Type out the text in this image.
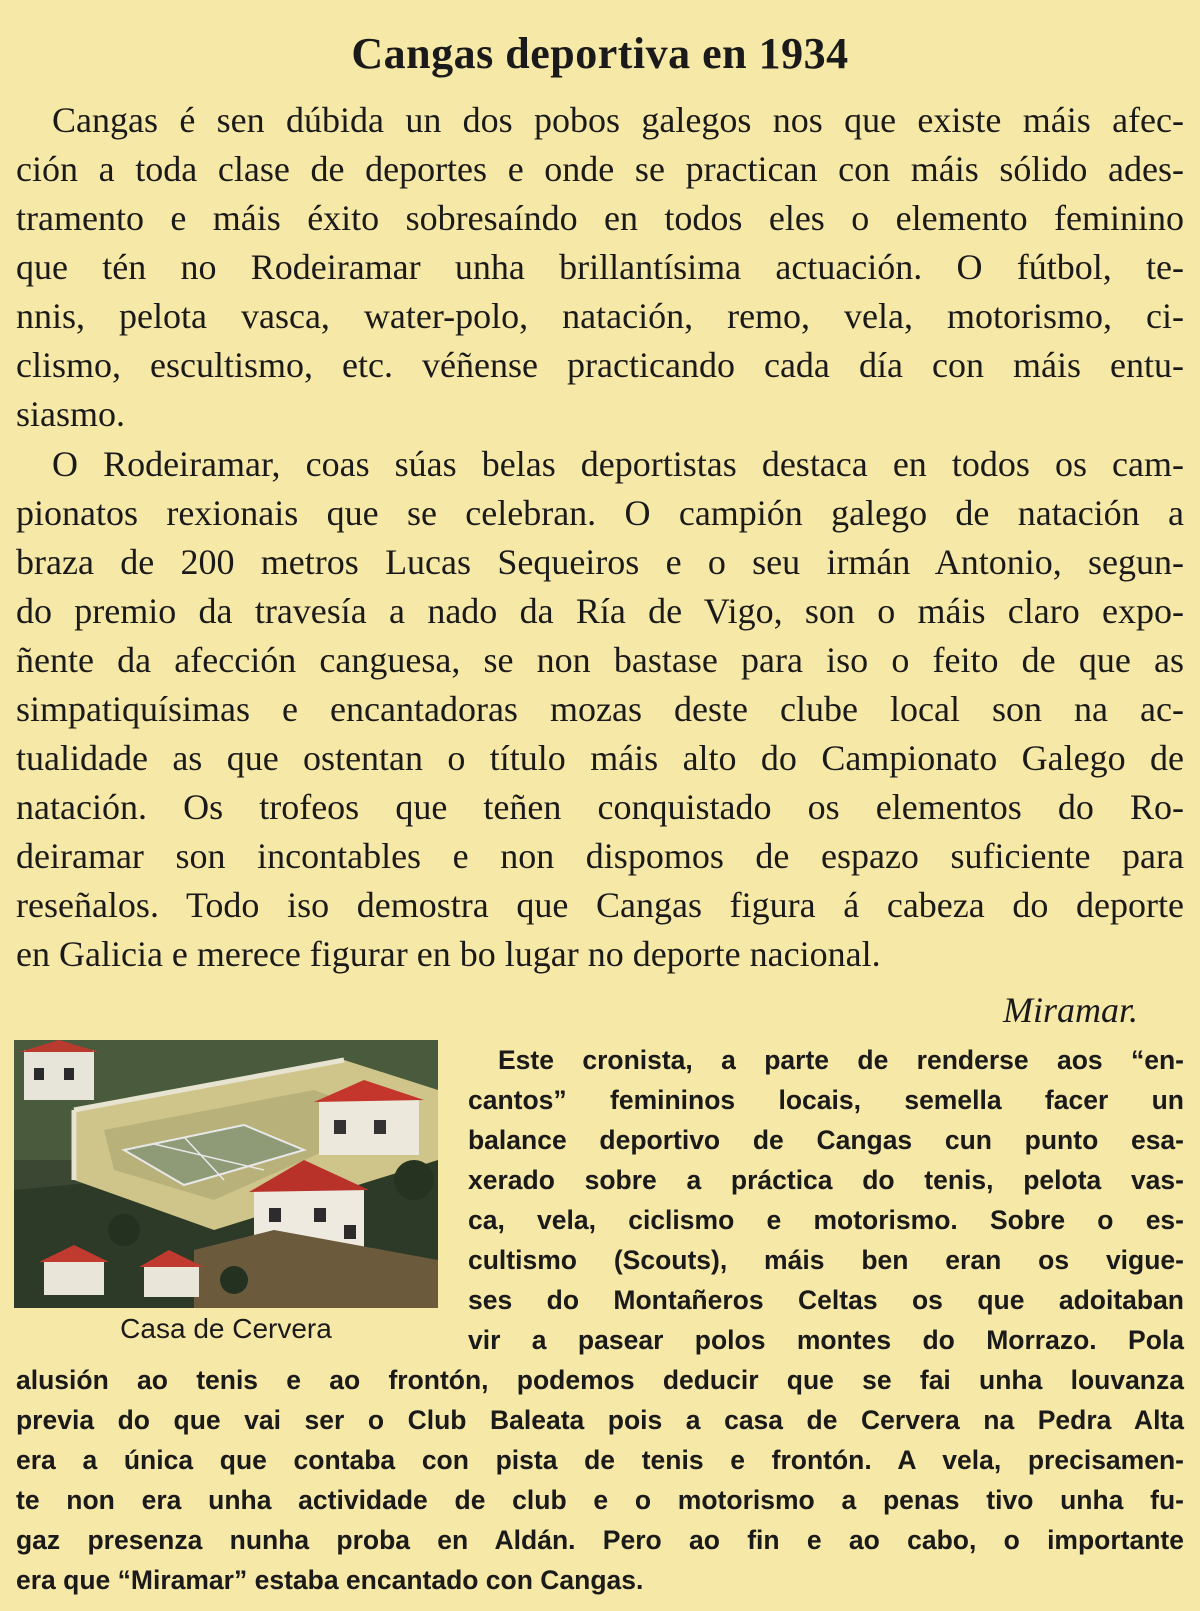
Cangas deportiva en 1934
Cangas é sen dúbida un dos pobos galegos nos que existe máis afec-
ción a toda clase de deportes e onde se practican con máis sólido ades-
tramento e máis éxito sobresaíndo en todos eles o elemento feminino
que tén no Rodeiramar unha brillantísima actuación. O fútbol, te-
nnis, pelota vasca, water-polo, natación, remo, vela, motorismo, ci-
clismo, escultismo, etc. véñense practicando cada día con máis entu-
siasmo.
O Rodeiramar, coas súas belas deportistas destaca en todos os cam-
pionatos rexionais que se celebran. O campión galego de natación a
braza de 200 metros Lucas Sequeiros e o seu irmán Antonio, segun-
do premio da travesía a nado da Ría de Vigo, son o máis claro expo-
ñente da afección canguesa, se non bastase para iso o feito de que as
simpatiquísimas e encantadoras mozas deste clube local son na ac-
tualidade as que ostentan o título máis alto do Campionato Galego de
natación. Os trofeos que teñen conquistado os elementos do Ro-
deiramar son incontables e non dispomos de espazo suficiente para
reseñalos. Todo iso demostra que Cangas figura á cabeza do deporte
en Galicia e merece figurar en bo lugar no deporte nacional.
Miramar.
Casa de Cervera
Este cronista, a parte de renderse aos “en-
cantos” femininos locais, semella facer un
balance deportivo de Cangas cun punto esa-
xerado sobre a práctica do tenis, pelota vas-
ca, vela, ciclismo e motorismo. Sobre o es-
cultismo (Scouts), máis ben eran os vigue-
ses do Montañeros Celtas os que adoitaban
vir a pasear polos montes do Morrazo. Pola
alusión ao tenis e ao frontón, podemos deducir que se fai unha louvanza
previa do que vai ser o Club Baleata pois a casa de Cervera na Pedra Alta
era a única que contaba con pista de tenis e frontón. A vela, precisamen-
te non era unha actividade de club e o motorismo a penas tivo unha fu-
gaz presenza nunha proba en Aldán. Pero ao fin e ao cabo, o importante
era que “Miramar” estaba encantado con Cangas.
